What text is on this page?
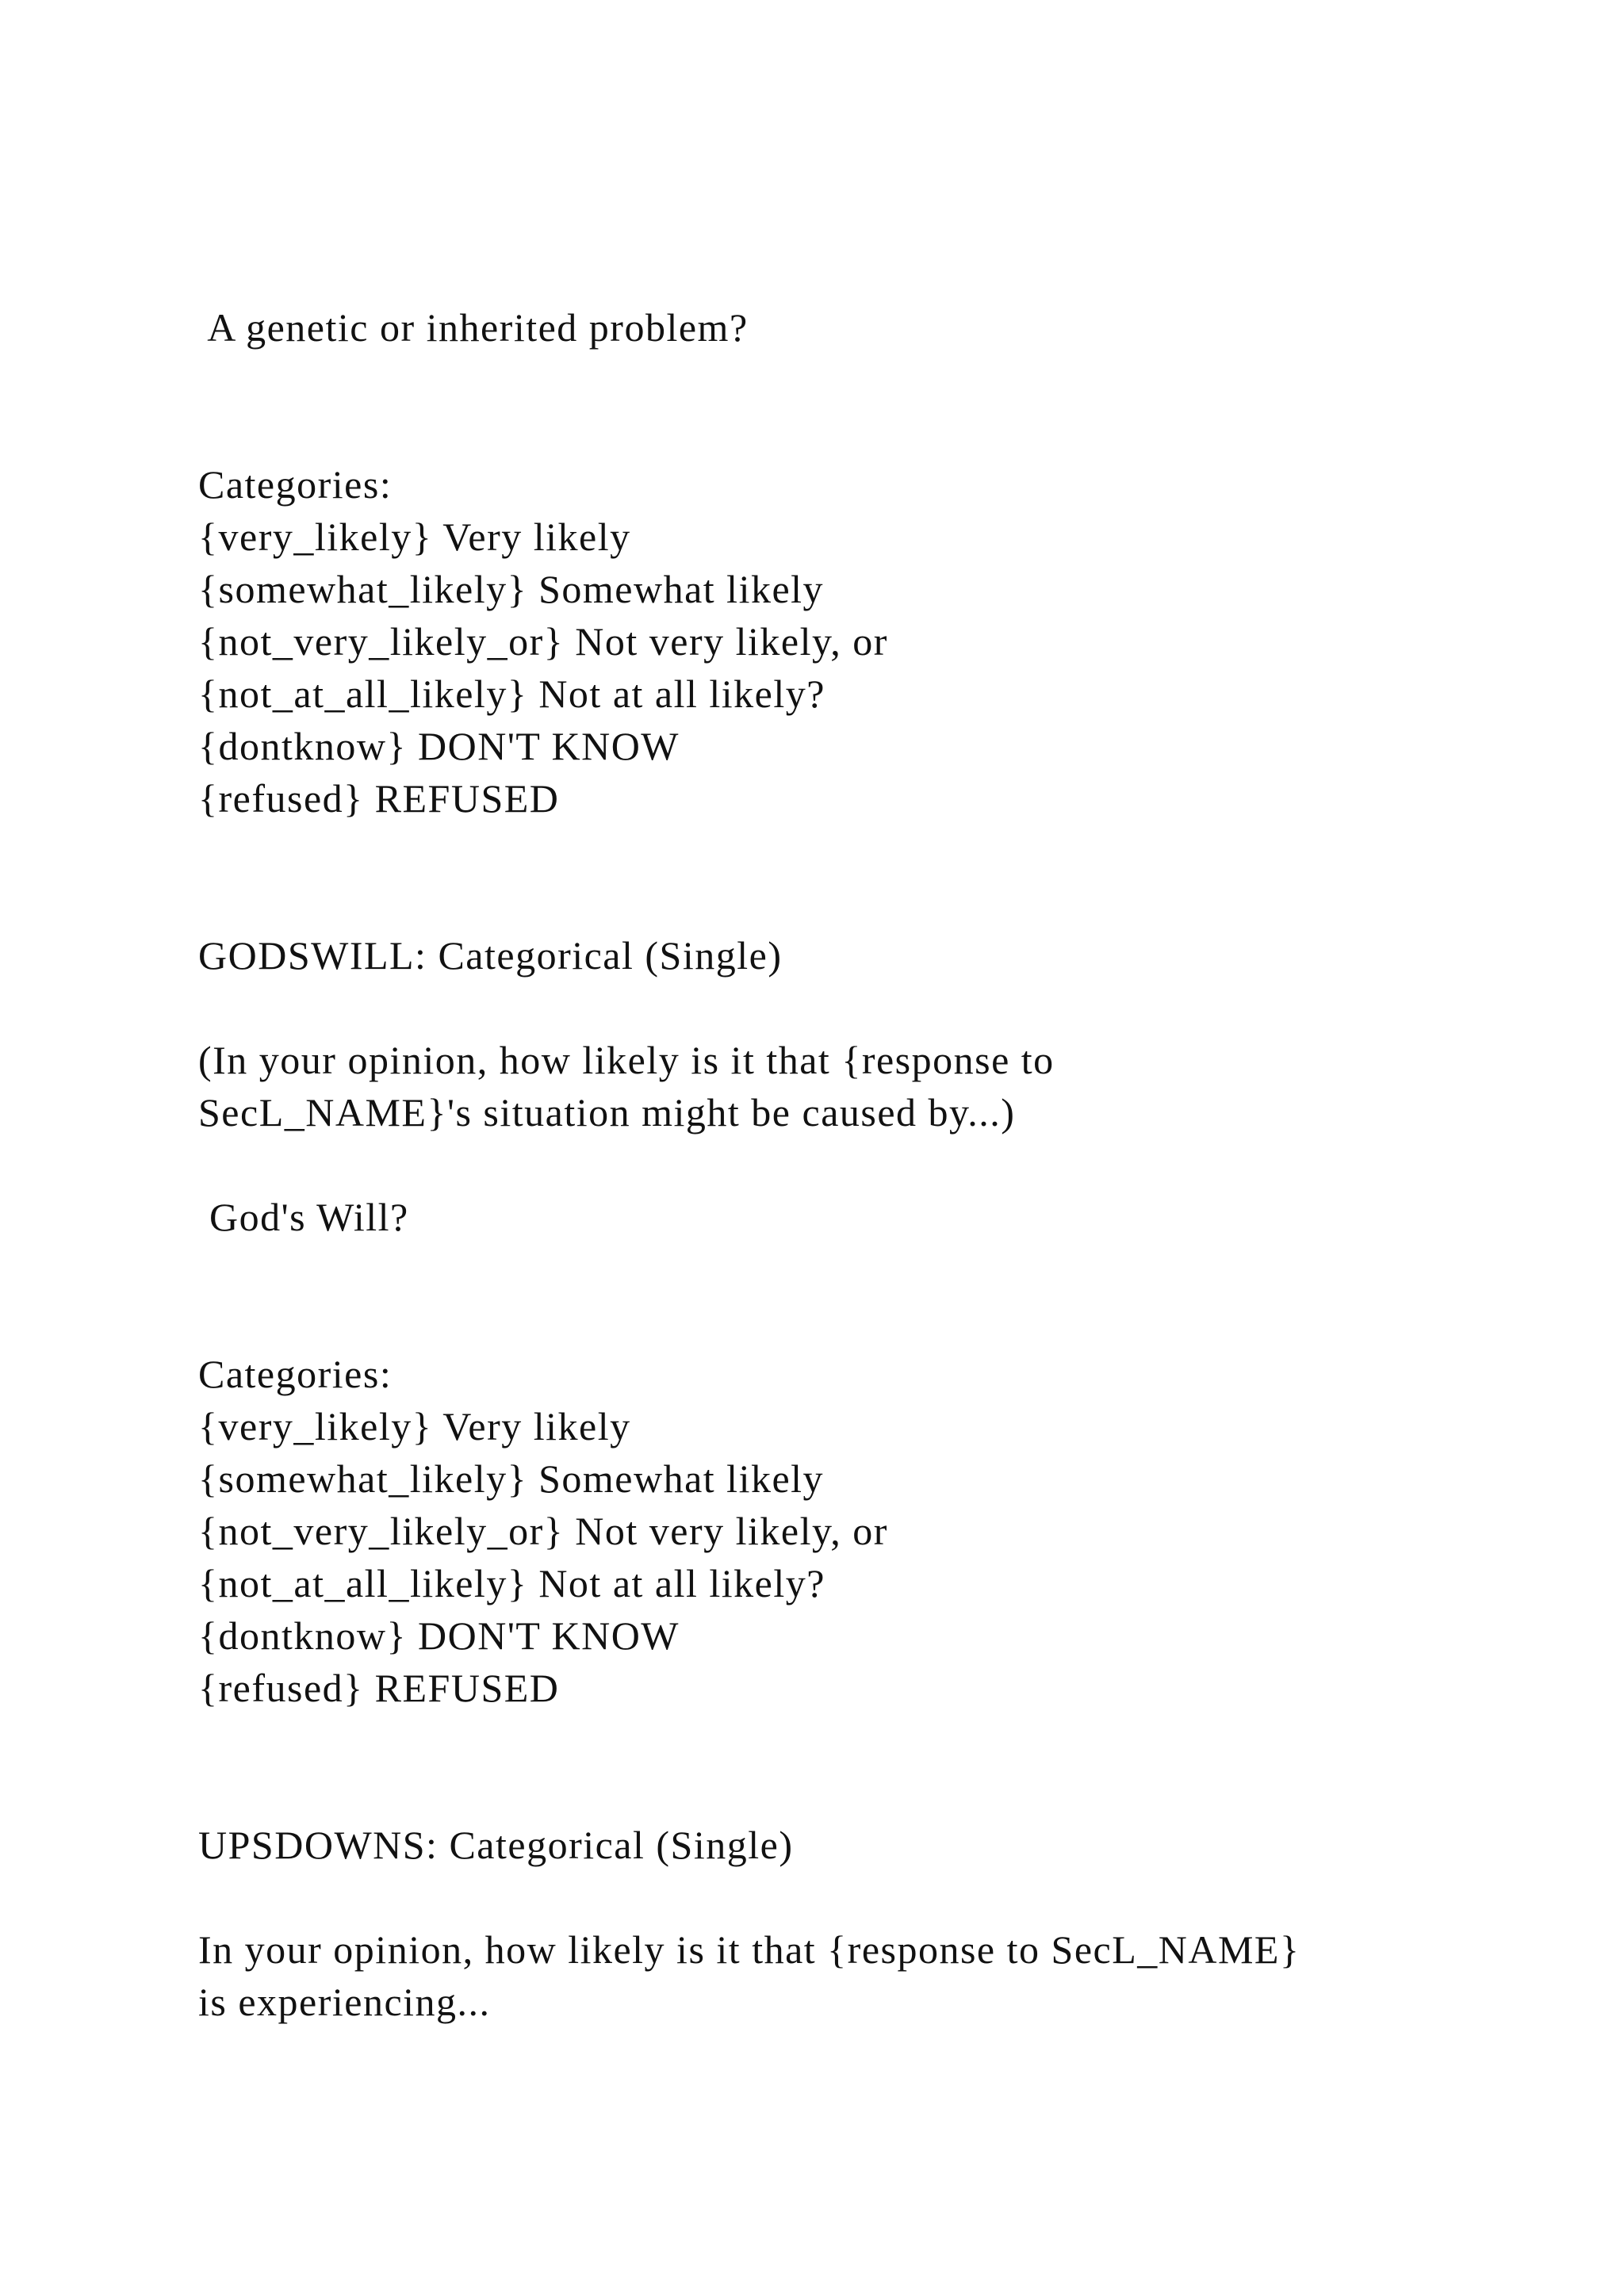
A genetic or inherited problem?
Categories:
{very_likely} Very likely
{somewhat_likely} Somewhat likely
{not_very_likely_or} Not very likely, or
{not_at_all_likely} Not at all likely?
{dontknow} DON'T KNOW
{refused} REFUSED
GODSWILL: Categorical (Single)
(In your opinion, how likely is it that {response to
SecL_NAME}'s situation might be caused by...)
God's Will?
Categories:
{very_likely} Very likely
{somewhat_likely} Somewhat likely
{not_very_likely_or} Not very likely, or
{not_at_all_likely} Not at all likely?
{dontknow} DON'T KNOW
{refused} REFUSED
UPSDOWNS: Categorical (Single)
In your opinion, how likely is it that {response to SecL_NAME}
is experiencing...
